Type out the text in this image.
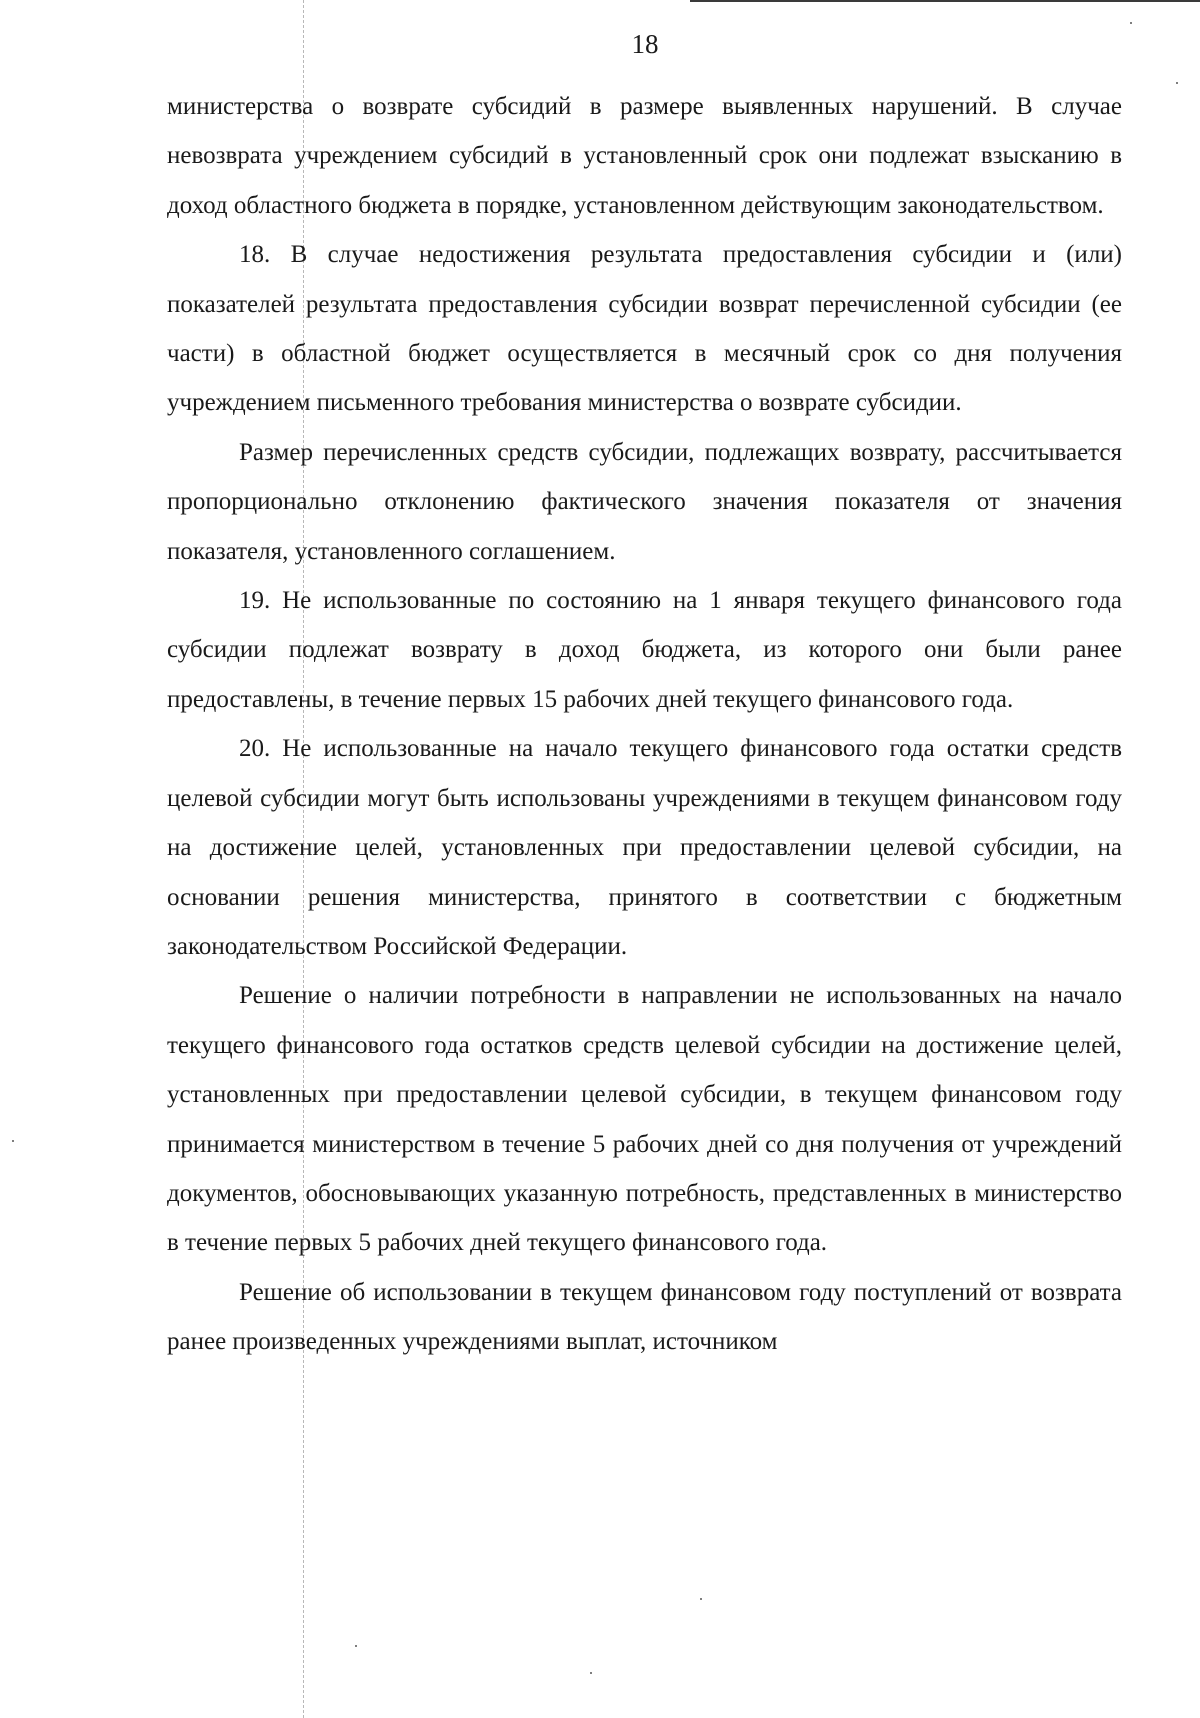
18

министерства о возврате субсидий в размере выявленных нарушений. В случае невозврата учреждением субсидий в установленный срок они подлежат взысканию в доход областного бюджета в порядке, установленном действующим законодательством.

18. В случае недостижения результата предоставления субсидии и (или) показателей результата предоставления субсидии возврат перечисленной субсидии (ее части) в областной бюджет осуществляется в месячный срок со дня получения учреждением письменного требования министерства о возврате субсидии.

Размер перечисленных средств субсидии, подлежащих возврату, рассчитывается пропорционально отклонению фактического значения показателя от значения показателя, установленного соглашением.

19. Не использованные по состоянию на 1 января текущего финансового года субсидии подлежат возврату в доход бюджета, из которого они были ранее предоставлены, в течение первых 15 рабочих дней текущего финансового года.

20. Не использованные на начало текущего финансового года остатки средств целевой субсидии могут быть использованы учреждениями в текущем финансовом году на достижение целей, установленных при предоставлении целевой субсидии, на основании решения министерства, принятого в соответствии с бюджетным законодательством Российской Федерации.

Решение о наличии потребности в направлении не использованных на начало текущего финансового года остатков средств целевой субсидии на достижение целей, установленных при предоставлении целевой субсидии, в текущем финансовом году принимается министерством в течение 5 рабочих дней со дня получения от учреждений документов, обосновывающих указанную потребность, представленных в министерство в течение первых 5 рабочих дней текущего финансового года.

Решение об использовании в текущем финансовом году поступлений от возврата ранее произведенных учреждениями выплат, источником
